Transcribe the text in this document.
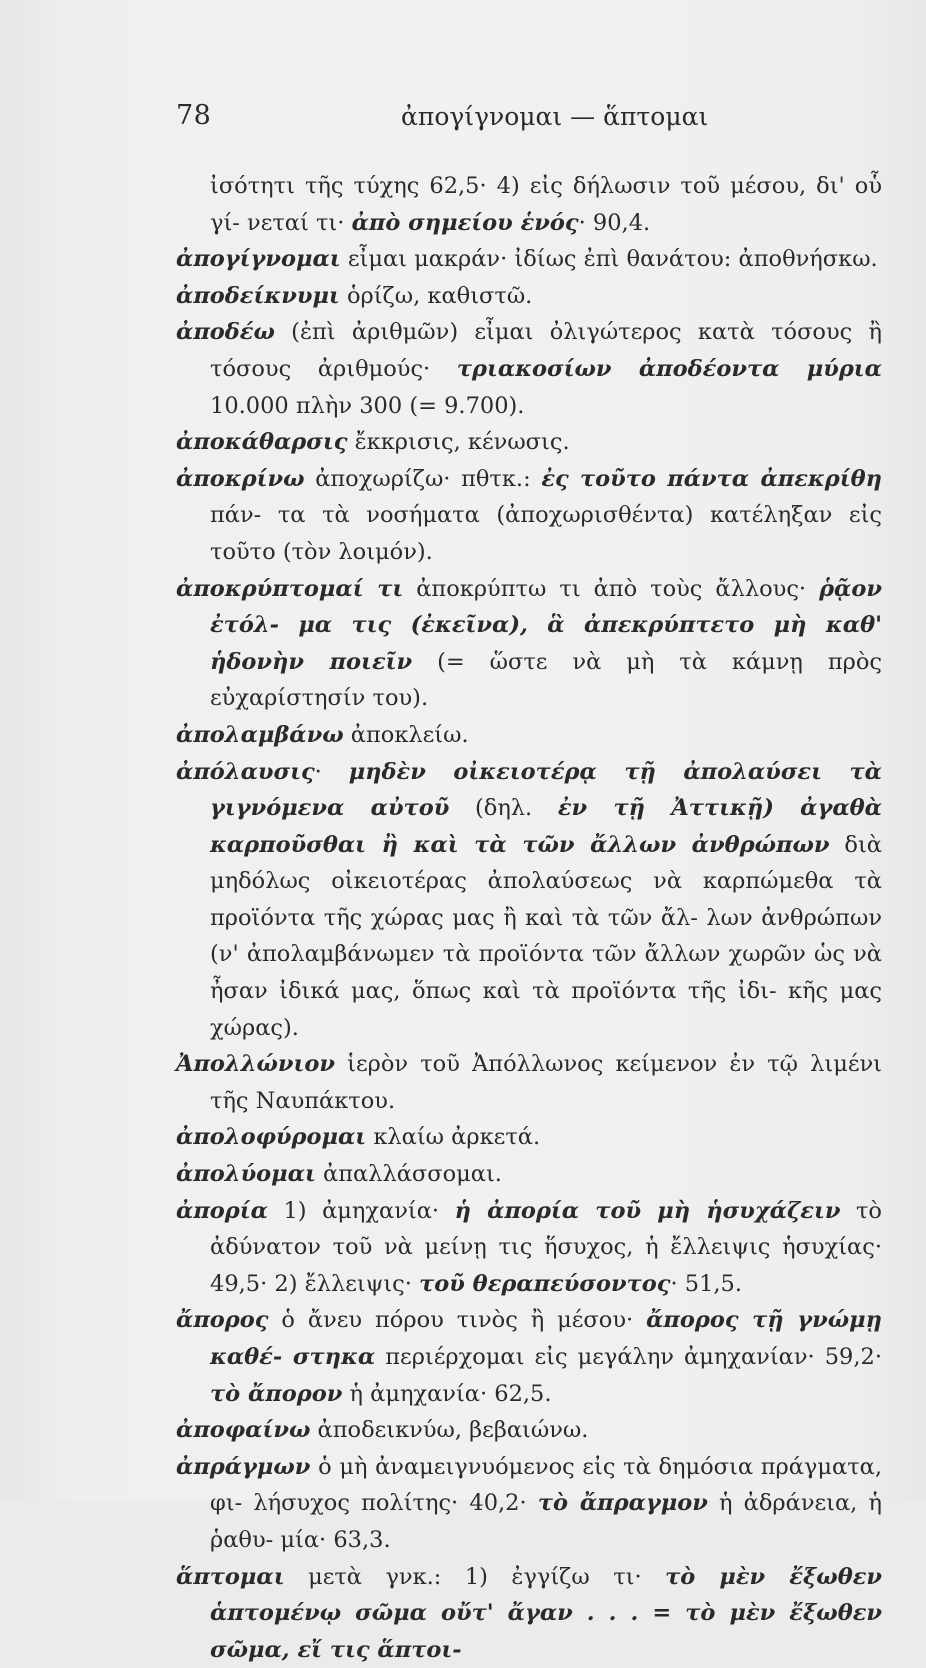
78	ἀπογίγνομαι — ἅπτομαι

ἰσότητι τῆς τύχης 62,5· 4) εἰς δήλωσιν τοῦ μέσου, δι' οὗ γί- νεταί τι· ἀπὸ σημείου ἑνός· 90,4.

ἀπογίγνομαι εἶμαι μακράν· ἰδίως ἐπὶ θανάτου: ἀποθνήσκω.

ἀποδείκνυμι ὁρίζω, καθιστῶ.

ἀποδέω (ἐπὶ ἀριθμῶν) εἶμαι ὀλιγώτερος κατὰ τόσους ἢ τόσους ἀριθμούς· τριακοσίων ἀποδέοντα μύρια 10.000 πλὴν 300 (= 9.700).

ἀποκάθαρσις ἔκκρισις, κένωσις.

ἀποκρίνω ἀποχωρίζω· πθτκ.: ἐς τοῦτο πάντα ἀπεκρίθη πάν- τα τὰ νοσήματα (ἀποχωρισθέντα) κατέληξαν εἰς τοῦτο (τὸν λοιμόν).

ἀποκρύπτομαί τι ἀποκρύπτω τι ἀπὸ τοὺς ἄλλους· ῥᾷον ἐτόλ- μα τις (ἐκεῖνα), ἃ ἀπεκρύπτετο μὴ καθ' ἡδονὴν ποιεῖν (= ὥστε νὰ μὴ τὰ κάμνῃ πρὸς εὐχαρίστησίν του).

ἀπολαμβάνω ἀποκλείω.

ἀπόλαυσις· μηδὲν οἰκειοτέρᾳ τῇ ἀπολαύσει τὰ γιγνόμενα αὐτοῦ (δηλ. ἐν τῇ Ἀττικῇ) ἀγαθὰ καρποῦσθαι ἢ καὶ τὰ τῶν ἄλλων ἀνθρώπων διὰ μηδόλως οἰκειοτέρας ἀπολαύσεως νὰ καρπώμεθα τὰ προϊόντα τῆς χώρας μας ἢ καὶ τὰ τῶν ἄλ- λων ἀνθρώπων (ν' ἀπολαμβάνωμεν τὰ προϊόντα τῶν ἄλλων χωρῶν ὡς νὰ ἦσαν ἰδικά μας, ὅπως καὶ τὰ προϊόντα τῆς ἰδι- κῆς μας χώρας).

Ἀπολλώνιον ἱερὸν τοῦ Ἀπόλλωνος κείμενον ἐν τῷ λιμένι τῆς Ναυπάκτου.

ἀπολοφύρομαι κλαίω ἀρκετά.

ἀπολύομαι ἀπαλλάσσομαι.

ἀπορία 1) ἀμηχανία· ἡ ἀπορία τοῦ μὴ ἡσυχάζειν τὸ ἀδύνατον τοῦ νὰ μείνῃ τις ἥσυχος, ἡ ἔλλειψις ἡσυχίας· 49,5· 2) ἔλλειψις· τοῦ θεραπεύσοντος· 51,5.

ἄπορος ὁ ἄνευ πόρου τινὸς ἢ μέσου· ἄπορος τῇ γνώμῃ καθέ- στηκα περιέρχομαι εἰς μεγάλην ἀμηχανίαν· 59,2· τὸ ἄπορον ἡ ἀμηχανία· 62,5.

ἀποφαίνω ἀποδεικνύω, βεβαιώνω.

ἀπράγμων ὁ μὴ ἀναμειγνυόμενος εἰς τὰ δημόσια πράγματα, φι- λήσυχος πολίτης· 40,2· τὸ ἄπραγμον ἡ ἀδράνεια, ἡ ῥαθυ- μία· 63,3.

ἅπτομαι μετὰ γνκ.: 1) ἐγγίζω τι· τὸ μὲν ἔξωθεν ἁπτομένῳ σῶμα οὔτ' ἄγαν . . . = τὸ μὲν ἔξωθεν σῶμα, εἴ τις ἅπτοι-
